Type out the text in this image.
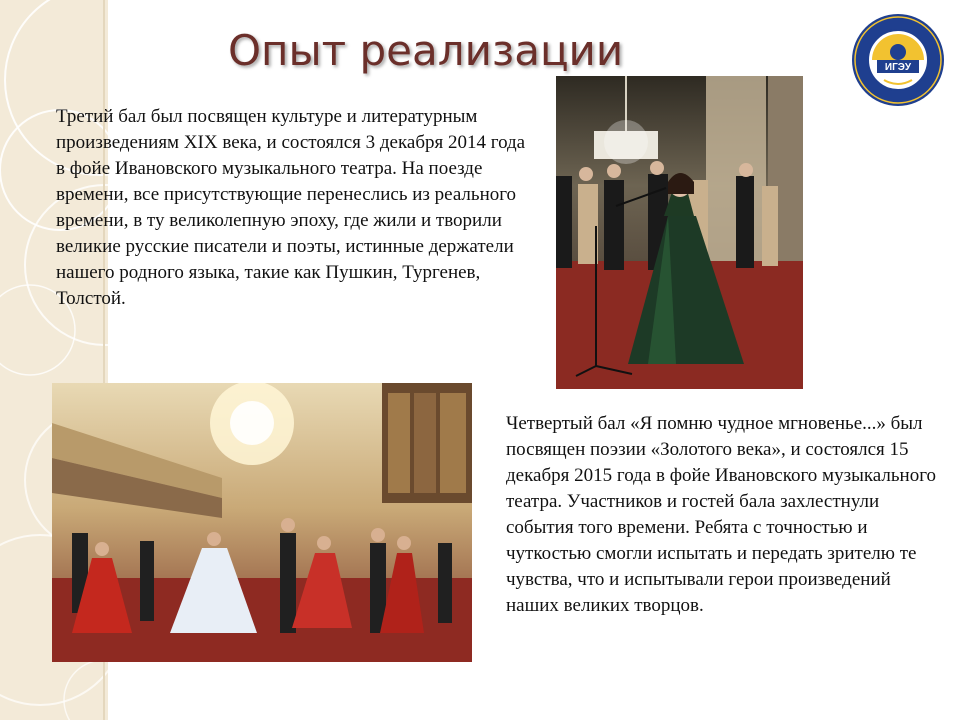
Опыт реализации	ИГЭУ

Третий бал был посвящен культуре и литературным произведениям XIX века, и состоялся 3 декабря 2014 года в фойе Ивановского музыкального театра. На поезде времени, все присутствующие перенеслись из реального времени, в ту великолепную эпоху, где жили и творили великие русские писатели и поэты, истинные держатели нашего родного языка, такие как Пушкин, Тургенев, Толстой.

Четвертый бал «Я помню чудное мгновенье...» был посвящен поэзии «Золотого века», и состоялся 15 декабря 2015 года в фойе Ивановского музыкального театра. Участников и гостей бала захлестнули события того времени. Ребята с точностью и чуткостью смогли испытать и передать зрителю те чувства, что и испытывали герои произведений наших великих творцов.
